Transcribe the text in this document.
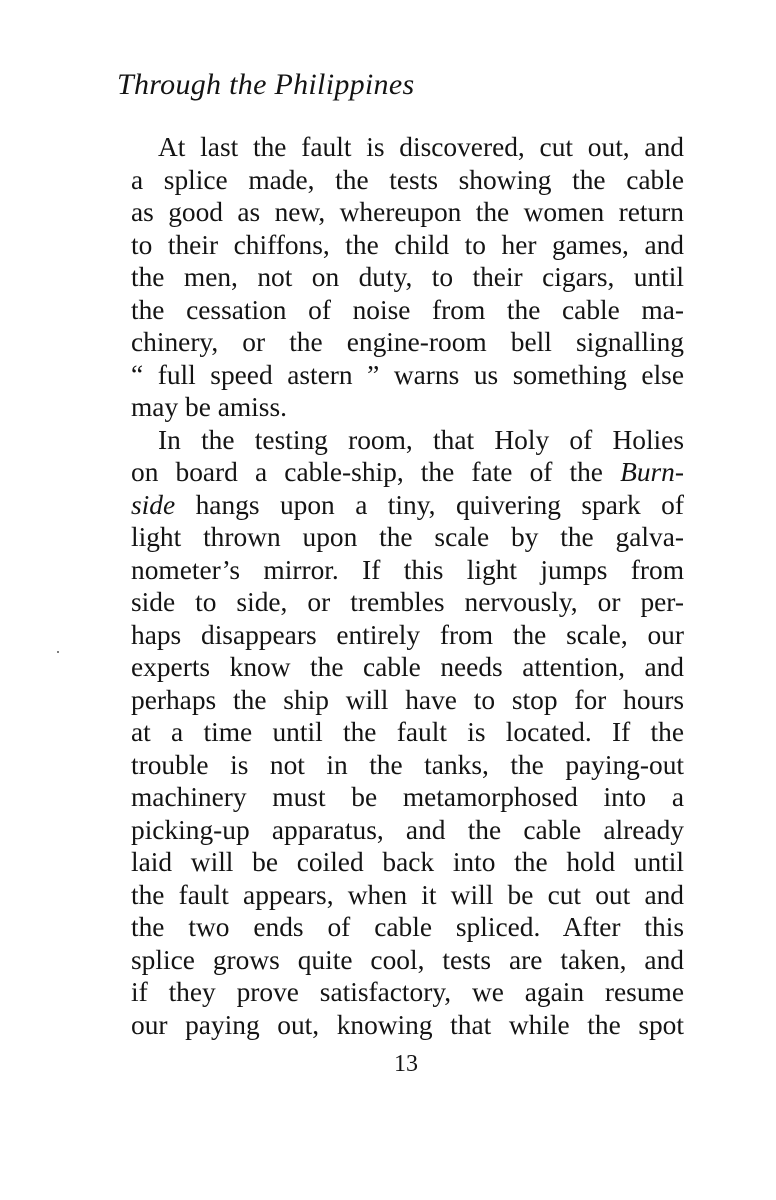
Through the Philippines
At last the fault is discovered, cut out, and
a splice made, the tests showing the cable
as good as new, whereupon the women return
to their chiffons, the child to her games, and
the men, not on duty, to their cigars, until
the cessation of noise from the cable ma-
chinery, or the engine-room bell signalling
“ full speed astern ” warns us something else
may be amiss.
In the testing room, that Holy of Holies
on board a cable-ship, the fate of the Burn-
side hangs upon a tiny, quivering spark of
light thrown upon the scale by the galva-
nometer’s mirror. If this light jumps from
side to side, or trembles nervously, or per-
haps disappears entirely from the scale, our
experts know the cable needs attention, and
perhaps the ship will have to stop for hours
at a time until the fault is located. If the
trouble is not in the tanks, the paying-out
machinery must be metamorphosed into a
picking-up apparatus, and the cable already
laid will be coiled back into the hold until
the fault appears, when it will be cut out and
the two ends of cable spliced. After this
splice grows quite cool, tests are taken, and
if they prove satisfactory, we again resume
our paying out, knowing that while the spot
13
